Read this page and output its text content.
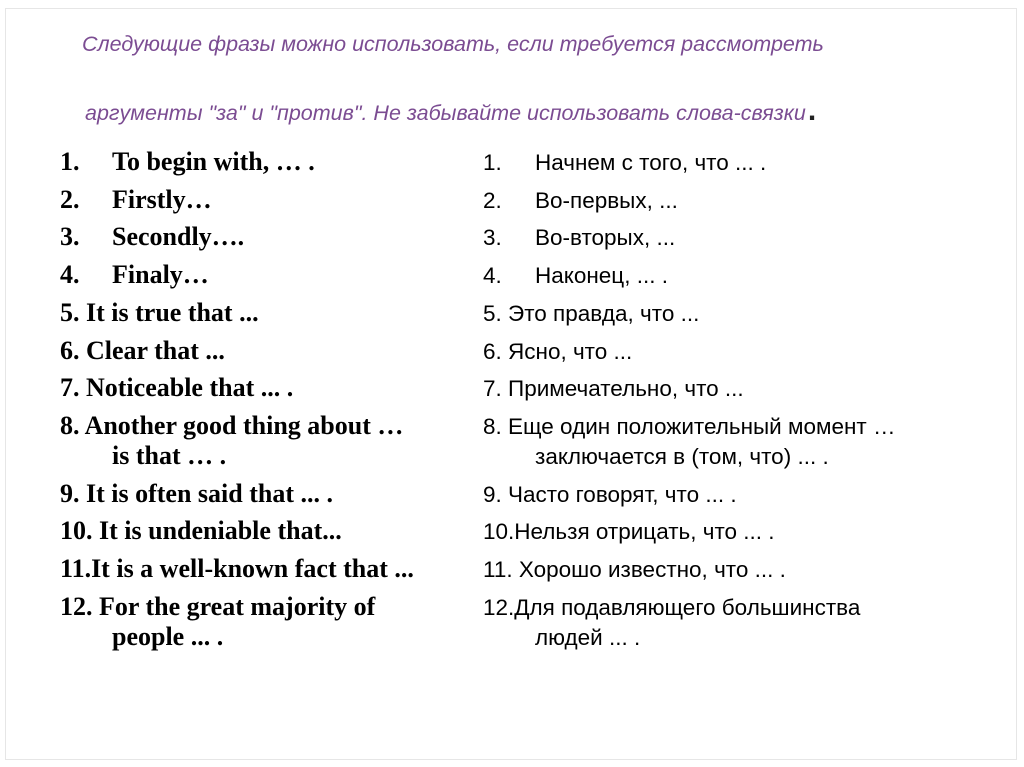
Следующие фразы можно использовать, если требуется рассмотреть
аргументы "за" и "против". Не забывайте использовать слова-связки.
1. To begin with, … .
2. Firstly…
3. Secondly….
4. Finaly…
5. It is true that ...
6. Clear that ...
7. Noticeable that ... .
8. Another good thing about …
is that … .
9. It is often said that ... .
10. It is undeniable that...
11.It is a well-known fact that ...
12. For the great majority of
people ... .
1. Начнем с того, что ... .
2. Во-первых, ...
3. Во-вторых, ...
4. Наконец, ... .
5. Это правда, что ...
6. Ясно, что ...
7. Примечательно, что ...
8. Еще один положительный момент …
заключается в (том, что) ... .
9. Часто говорят, что ... .
10.Нельзя отрицать, что ... .
11. Хорошо известно, что ... .
12.Для подавляющего большинства
людей ... .
